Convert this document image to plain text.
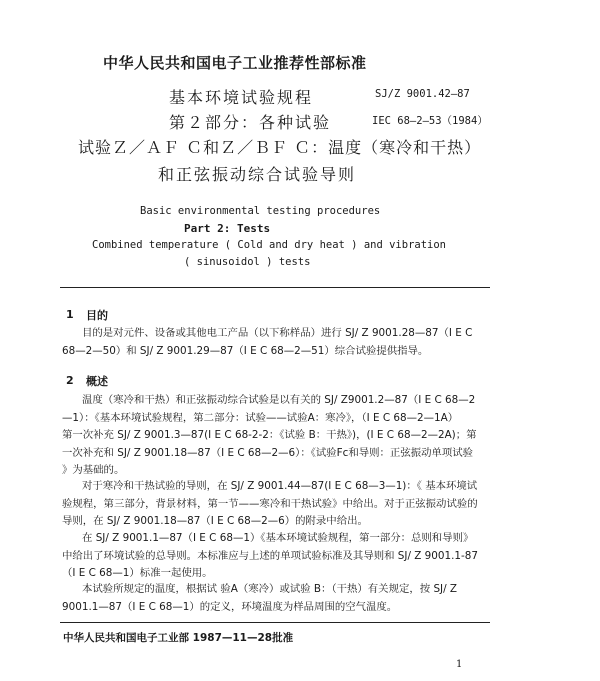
中华人民共和国电子工业推荐性部标准
基本环境试验规程	SJ/Z 9001.42—87
第２部分：各种试验	IEC 68—2—53（1984）
试验Ｚ／ＡＦ Ｃ和Ｚ／ＢＦ Ｃ：温度（寒冷和干热）
和正弦振动综合试验导则
Basic environmental testing procedures
Part 2: Tests
Combined temperature ( Cold and dry heat ) and vibration
( sinusoidol ) tests
1 目的
目的是对元件、设备或其他电工产品（以下称样品）进行 SJ/ Z 9001.28—87（I E C
68—2—50）和 SJ/ Z 9001.29—87（I E C 68—2—51）综合试验提供指导。
2 概述
温度（寒冷和干热）和正弦振动综合试验是以有关的 SJ/ Z9001.2—87（I E C 68—2
—1）：《基本环境试验规程，第二部分：试验——试验A：寒冷》，（I E C 68—2—1A）
第一次补充 SJ/ Z 9001.3—87(I E C 68-2-2：《试验 B：干热》)，(I E C 68—2—2A)；第
一次补充和 SJ/ Z 9001.18—87（I E C 68—2—6）：《试验Fc和导则：正弦振动单项试验
》为基础的。
对于寒冷和干热试验的导则，在 SJ/ Z 9001.44—87(I E C 68—3—1)：《 基本环境试
验规程，第三部分，背景材料，第一节——寒冷和干热试验》中给出。对于正弦振动试验的
导则，在 SJ/ Z 9001.18—87（I E C 68—2—6）的附录中给出。
在 SJ/ Z 9001.1—87（I E C 68—1）《基本环境试验规程，第一部分：总则和导则》
中给出了环境试验的总导则。本标准应与上述的单项试验标准及其导则和 SJ/ Z 9001.1-87
（I E C 68—1）标准一起使用。
本试验所规定的温度，根据试 验A（寒冷）或试验 B：（干热）有关规定，按 SJ/ Z
9001.1—87（I E C 68—1）的定义，环境温度为样品周围的空气温度。
中华人民共和国电子工业部 1987—11—28批准
1
